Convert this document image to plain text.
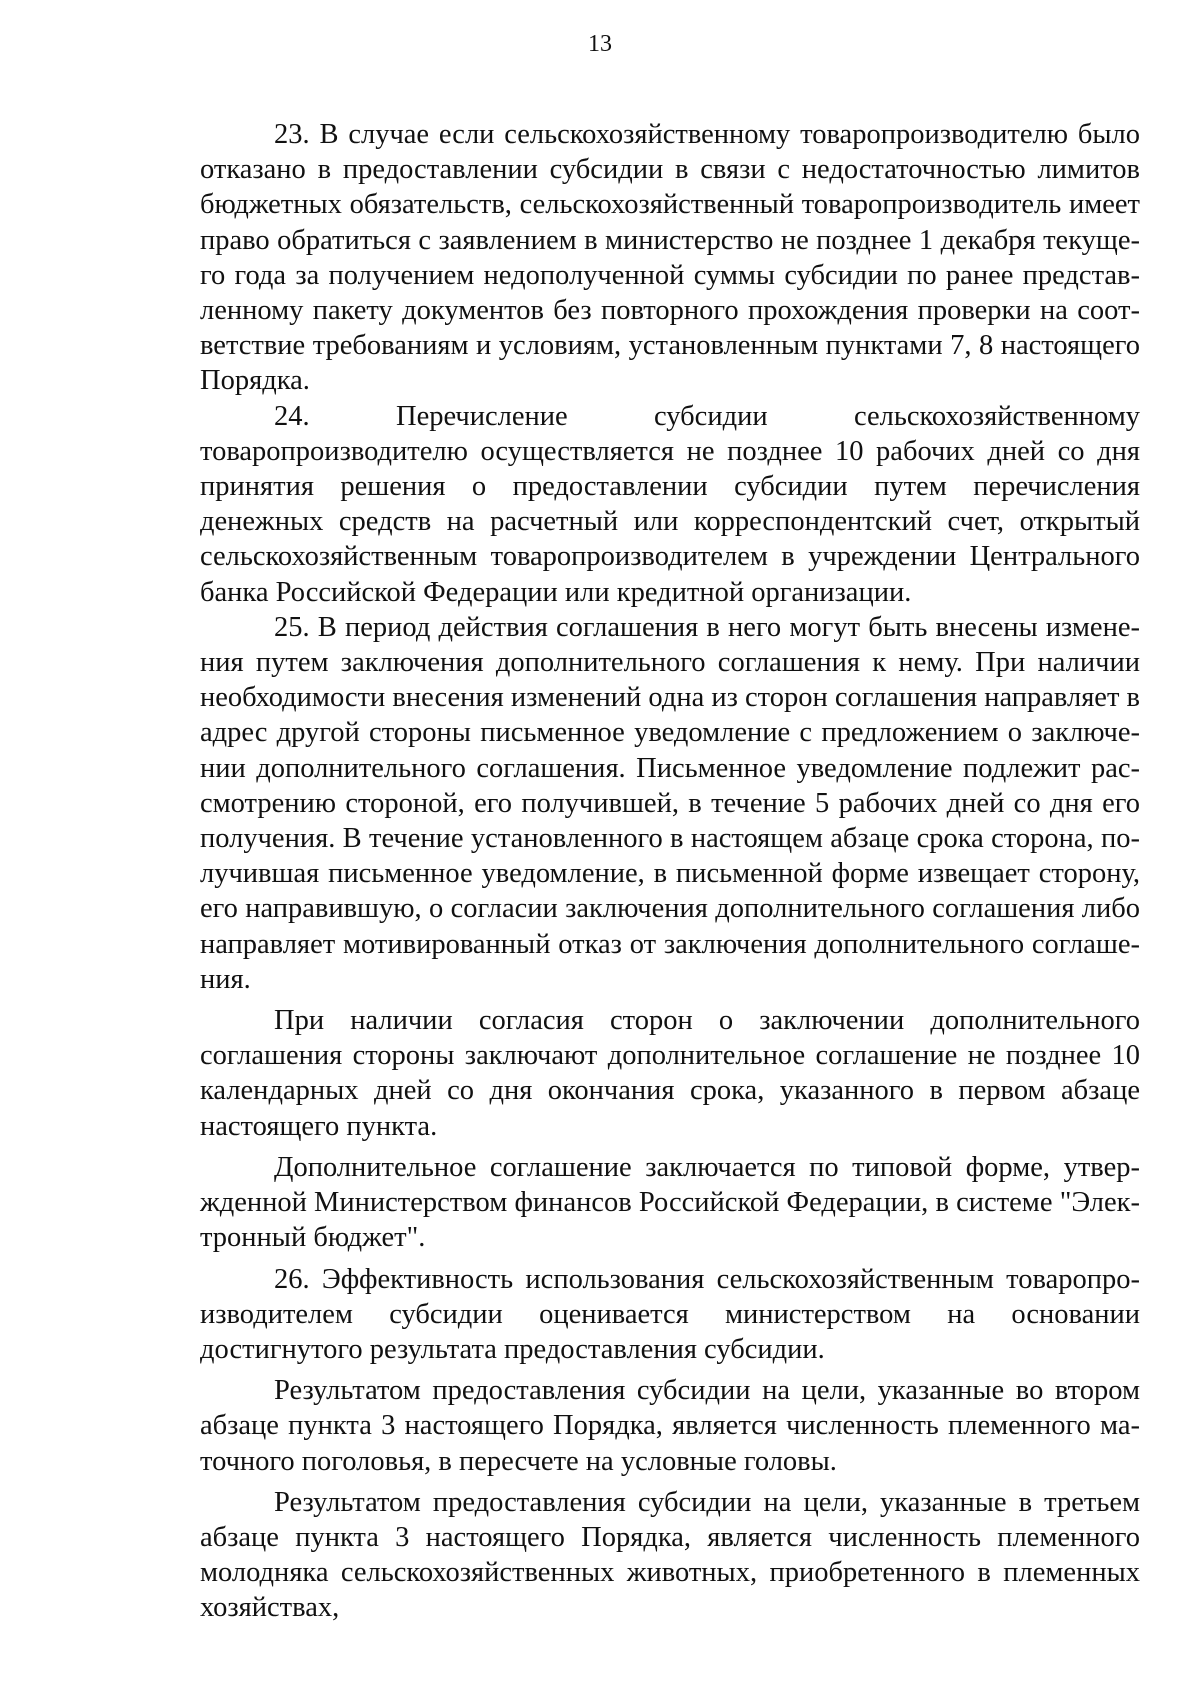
13

23. В случае если сельскохозяйственному товаропроизводителю было отказано в предоставлении субсидии в связи с недостаточностью лимитов бюджетных обязательств, сельскохозяйственный товаропроизводитель имеет право обратиться с заявлением в министерство не позднее 1 декабря текущего года за получением недополученной суммы субсидии по ранее представленному пакету документов без повторного прохождения проверки на соответствие требованиям и условиям, установленным пунктами 7, 8 настоящего Порядка.

24. Перечисление субсидии сельскохозяйственному товаропроизводителю осуществляется не позднее 10 рабочих дней со дня принятия решения о предоставлении субсидии путем перечисления денежных средств на расчетный или корреспондентский счет, открытый сельскохозяйственным товаропроизводителем в учреждении Центрального банка Российской Федерации или кредитной организации.

25. В период действия соглашения в него могут быть внесены изменения путем заключения дополнительного соглашения к нему. При наличии необходимости внесения изменений одна из сторон соглашения направляет в адрес другой стороны письменное уведомление с предложением о заключении дополнительного соглашения. Письменное уведомление подлежит рассмотрению стороной, его получившей, в течение 5 рабочих дней со дня его получения. В течение установленного в настоящем абзаце срока сторона, получившая письменное уведомление, в письменной форме извещает сторону, его направившую, о согласии заключения дополнительного соглашения либо направляет мотивированный отказ от заключения дополнительного соглашения.

При наличии согласия сторон о заключении дополнительного соглашения стороны заключают дополнительное соглашение не позднее 10 календарных дней со дня окончания срока, указанного в первом абзаце настоящего пункта.

Дополнительное соглашение заключается по типовой форме, утвержденной Министерством финансов Российской Федерации, в системе "Электронный бюджет".

26. Эффективность использования сельскохозяйственным товаропроизводителем субсидии оценивается министерством на основании достигнутого результата предоставления субсидии.

Результатом предоставления субсидии на цели, указанные во втором абзаце пункта 3 настоящего Порядка, является численность племенного маточного поголовья, в пересчете на условные головы.

Результатом предоставления субсидии на цели, указанные в третьем абзаце пункта 3 настоящего Порядка, является численность племенного молодняка сельскохозяйственных животных, приобретенного в племенных хозяйствах,
